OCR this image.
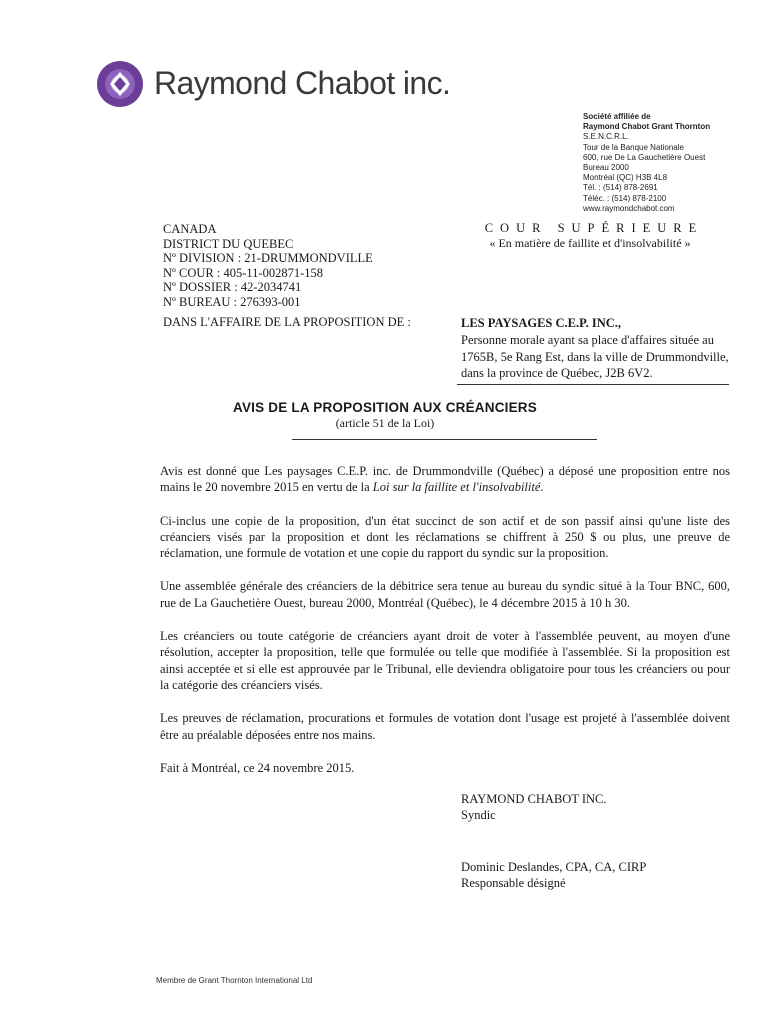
Raymond Chabot inc.
Société affiliée de
Raymond Chabot Grant Thornton
S.E.N.C.R.L.
Tour de la Banque Nationale
600, rue De La Gauchetière Ouest
Bureau 2000
Montréal (QC) H3B 4L8
Tél. : (514) 878-2691
Téléc. : (514) 878-2100
www.raymondchabot.com
CANADA
DISTRICT DU QUEBEC
Nº DIVISION : 21-DRUMMONDVILLE
Nº COUR : 405-11-002871-158
Nº DOSSIER : 42-2034741
Nº BUREAU : 276393-001
COUR SUPÉRIEURE
« En matière de faillite et d'insolvabilité »
DANS L'AFFAIRE DE LA PROPOSITION DE :	LES PAYSAGES C.E.P. INC.,
Personne morale ayant sa place d'affaires située au 1765B, 5e Rang Est, dans la ville de Drummondville, dans la province de Québec, J2B 6V2.
AVIS DE LA PROPOSITION AUX CRÉANCIERS
(article 51 de la Loi)

Avis est donné que Les paysages C.E.P. inc. de Drummondville (Québec) a déposé une proposition entre nos mains le 20 novembre 2015 en vertu de la Loi sur la faillite et l'insolvabilité.

Ci-inclus une copie de la proposition, d'un état succinct de son actif et de son passif ainsi qu'une liste des créanciers visés par la proposition et dont les réclamations se chiffrent à 250 $ ou plus, une preuve de réclamation, une formule de votation et une copie du rapport du syndic sur la proposition.

Une assemblée générale des créanciers de la débitrice sera tenue au bureau du syndic situé à la Tour BNC, 600, rue de La Gauchetière Ouest, bureau 2000, Montréal (Québec), le 4 décembre 2015 à 10 h 30.

Les créanciers ou toute catégorie de créanciers ayant droit de voter à l'assemblée peuvent, au moyen d'une résolution, accepter la proposition, telle que formulée ou telle que modifiée à l'assemblée. Si la proposition est ainsi acceptée et si elle est approuvée par le Tribunal, elle deviendra obligatoire pour tous les créanciers ou pour la catégorie des créanciers visés.

Les preuves de réclamation, procurations et formules de votation dont l'usage est projeté à l'assemblée doivent être au préalable déposées entre nos mains.

Fait à Montréal, ce 24 novembre 2015.

RAYMOND CHABOT INC.
Syndic
Dominic Deslandes, CPA, CA, CIRP
Responsable désigné
Membre de Grant Thornton International Ltd
